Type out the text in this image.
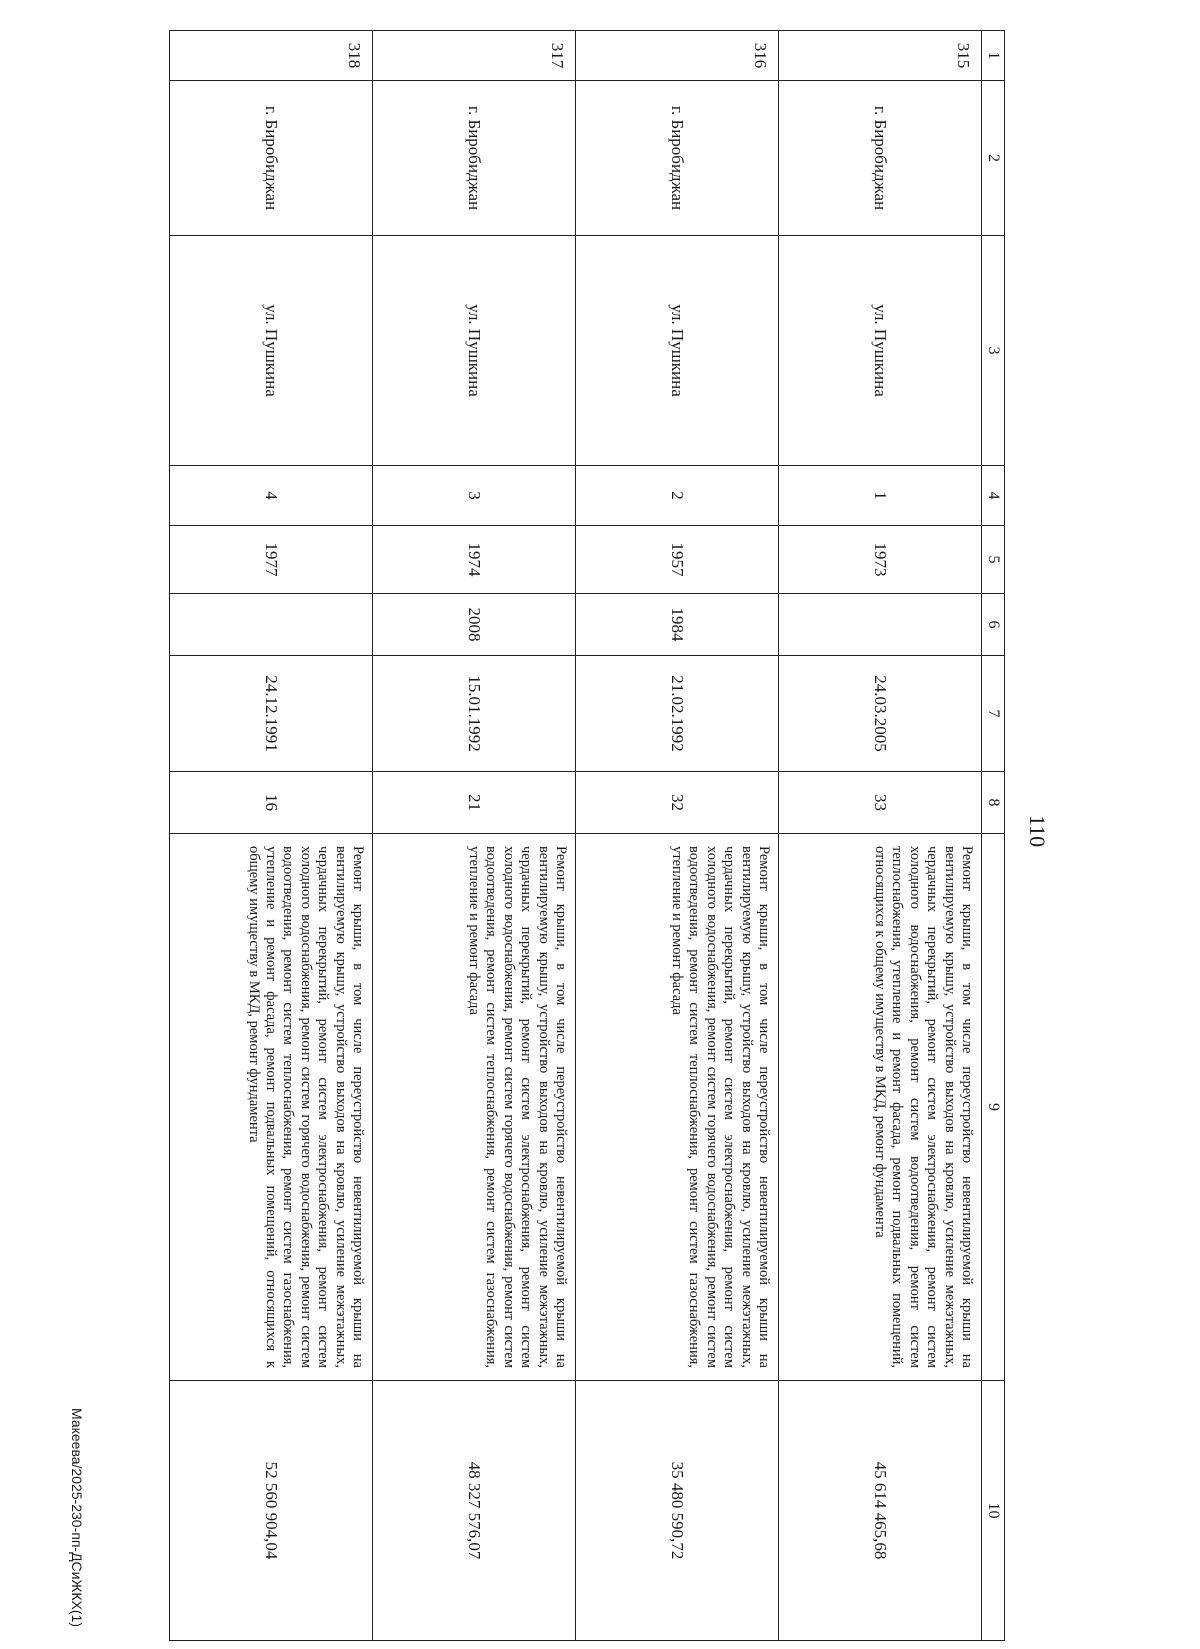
110
1	2	3	4	5	6	7	8	9	10
315	г. Биробиджан	ул. Пушкина	1	1973		24.03.2005	33	Ремонт крыши, в том числе переустройство невентилируемой крыши на вентилируемую крышу, устройство выходов на кровлю, усиление межэтажных, чердачных перекрытий, ремонт систем электроснабжения, ремонт систем холодного водоснабжения, ремонт систем водоотведения, ремонт систем теплоснабжения, утепление и ремонт фасада, ремонт подвальных помещений, относящихся к общему имуществу в МКД, ремонт фундамента	45 614 465,68
316	г. Биробиджан	ул. Пушкина	2	1957	1984	21.02.1992	32	Ремонт крыши, в том числе переустройство невентилируемой крыши на вентилируемую крышу, устройство выходов на кровлю, усиление межэтажных, чердачных перекрытий, ремонт систем электроснабжения, ремонт систем холодного водоснабжения, ремонт систем горячего водоснабжения, ремонт систем водоотведения, ремонт систем теплоснабжения, ремонт систем газоснабжения, утепление и ремонт фасада	35 480 590,72
317	г. Биробиджан	ул. Пушкина	3	1974	2008	15.01.1992	21	Ремонт крыши, в том числе переустройство невентилируемой крыши на вентилируемую крышу, устройство выходов на кровлю, усиление межэтажных, чердачных перекрытий, ремонт систем электроснабжения, ремонт систем холодного водоснабжения, ремонт систем горячего водоснабжения, ремонт систем водоотведения, ремонт систем теплоснабжения, ремонт систем газоснабжения, утепление и ремонт фасада	48 327 576,07
318	г. Биробиджан	ул. Пушкина	4	1977		24.12.1991	16	Ремонт крыши, в том числе переустройство невентилируемой крыши на вентилируемую крышу, устройство выходов на кровлю, усиление межэтажных, чердачных перекрытий, ремонт систем электроснабжения, ремонт систем холодного водоснабжения, ремонт систем горячего водоснабжения, ремонт систем водоотведения, ремонт систем теплоснабжения, ремонт систем газоснабжения, утепление и ремонт фасада, ремонт подвальных помещений, относящихся к общему имуществу в МКД, ремонт фундамента	52 560 904,04
Макеева/2025-230-пп-ДСиЖКХ(1)
